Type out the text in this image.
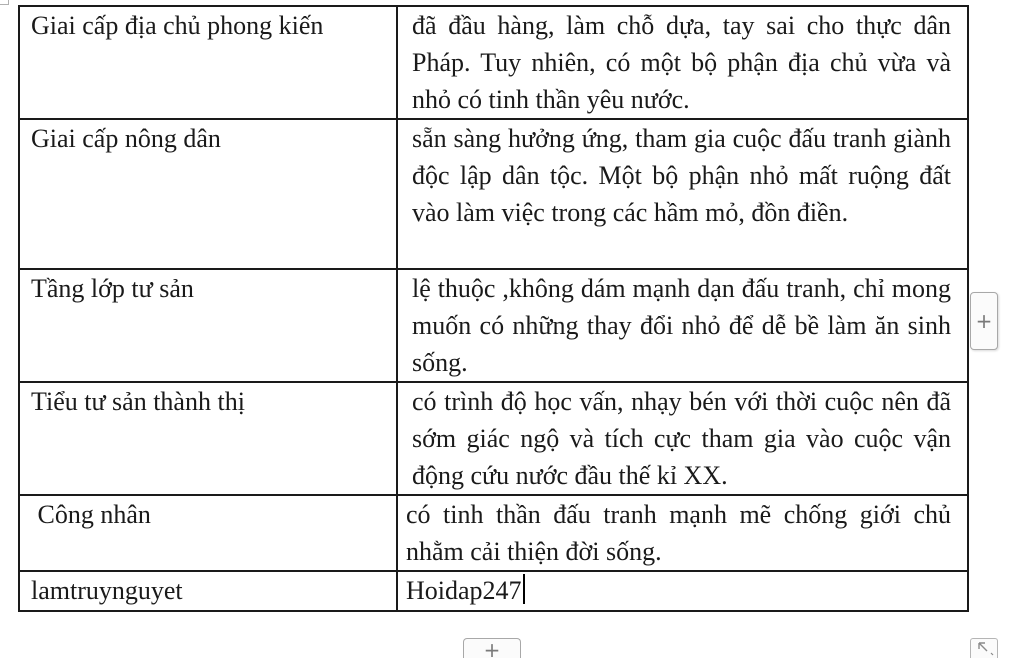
Giai cấp địa chủ phong kiến	đã đầu hàng, làm chỗ dựa, tay sai cho thực dân Pháp. Tuy nhiên, có một bộ phận địa chủ vừa và nhỏ có tinh thần yêu nước.

Giai cấp nông dân	sẵn sàng hưởng ứng, tham gia cuộc đấu tranh giành độc lập dân tộc. Một bộ phận nhỏ mất ruộng đất vào làm việc trong các hầm mỏ, đồn điền.

Tầng lớp tư sản	lệ thuộc ,không dám mạnh dạn đấu tranh, chỉ mong muốn có những thay đổi nhỏ để dễ bề làm ăn sinh sống.

Tiểu tư sản thành thị	có trình độ học vấn, nhạy bén với thời cuộc nên đã sớm giác ngộ và tích cực tham gia vào cuộc vận động cứu nước đầu thế kỉ XX.

Công nhân	có tinh thần đấu tranh mạnh mẽ chống giới chủ nhằm cải thiện đời sống.

lamtruynguyet	Hoidap247
+
+
